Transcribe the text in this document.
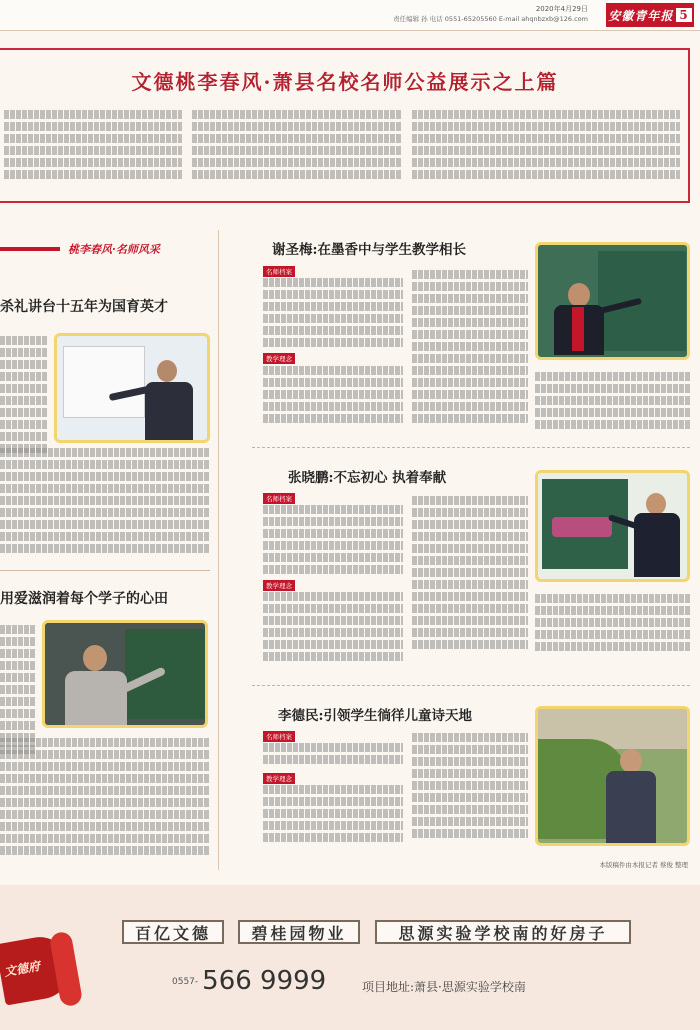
2020年4月29日
责任编辑 孙 电话 0551-65205560 E-mail ahqnbzxb@126.com 安徽青年报 5
文德桃李春风·萧县名校名师公益展示之上篇
桃李春风·名师风采
杀礼讲台十五年为国育英才
用爱滋润着每个学子的心田
谢圣梅:在墨香中与学生教学相长
名师档案
教学理念
张晓鹏:不忘初心 执着奉献
名师档案
教学理念
李德民:引领学生徜徉儿童诗天地
名师档案
教学理念
本版稿件由本报记者 蔡俊 整理
文德府
百亿文德	碧桂园物业	思源实验学校南的好房子
0557- 566 9999	项目地址:萧县·思源实验学校南
